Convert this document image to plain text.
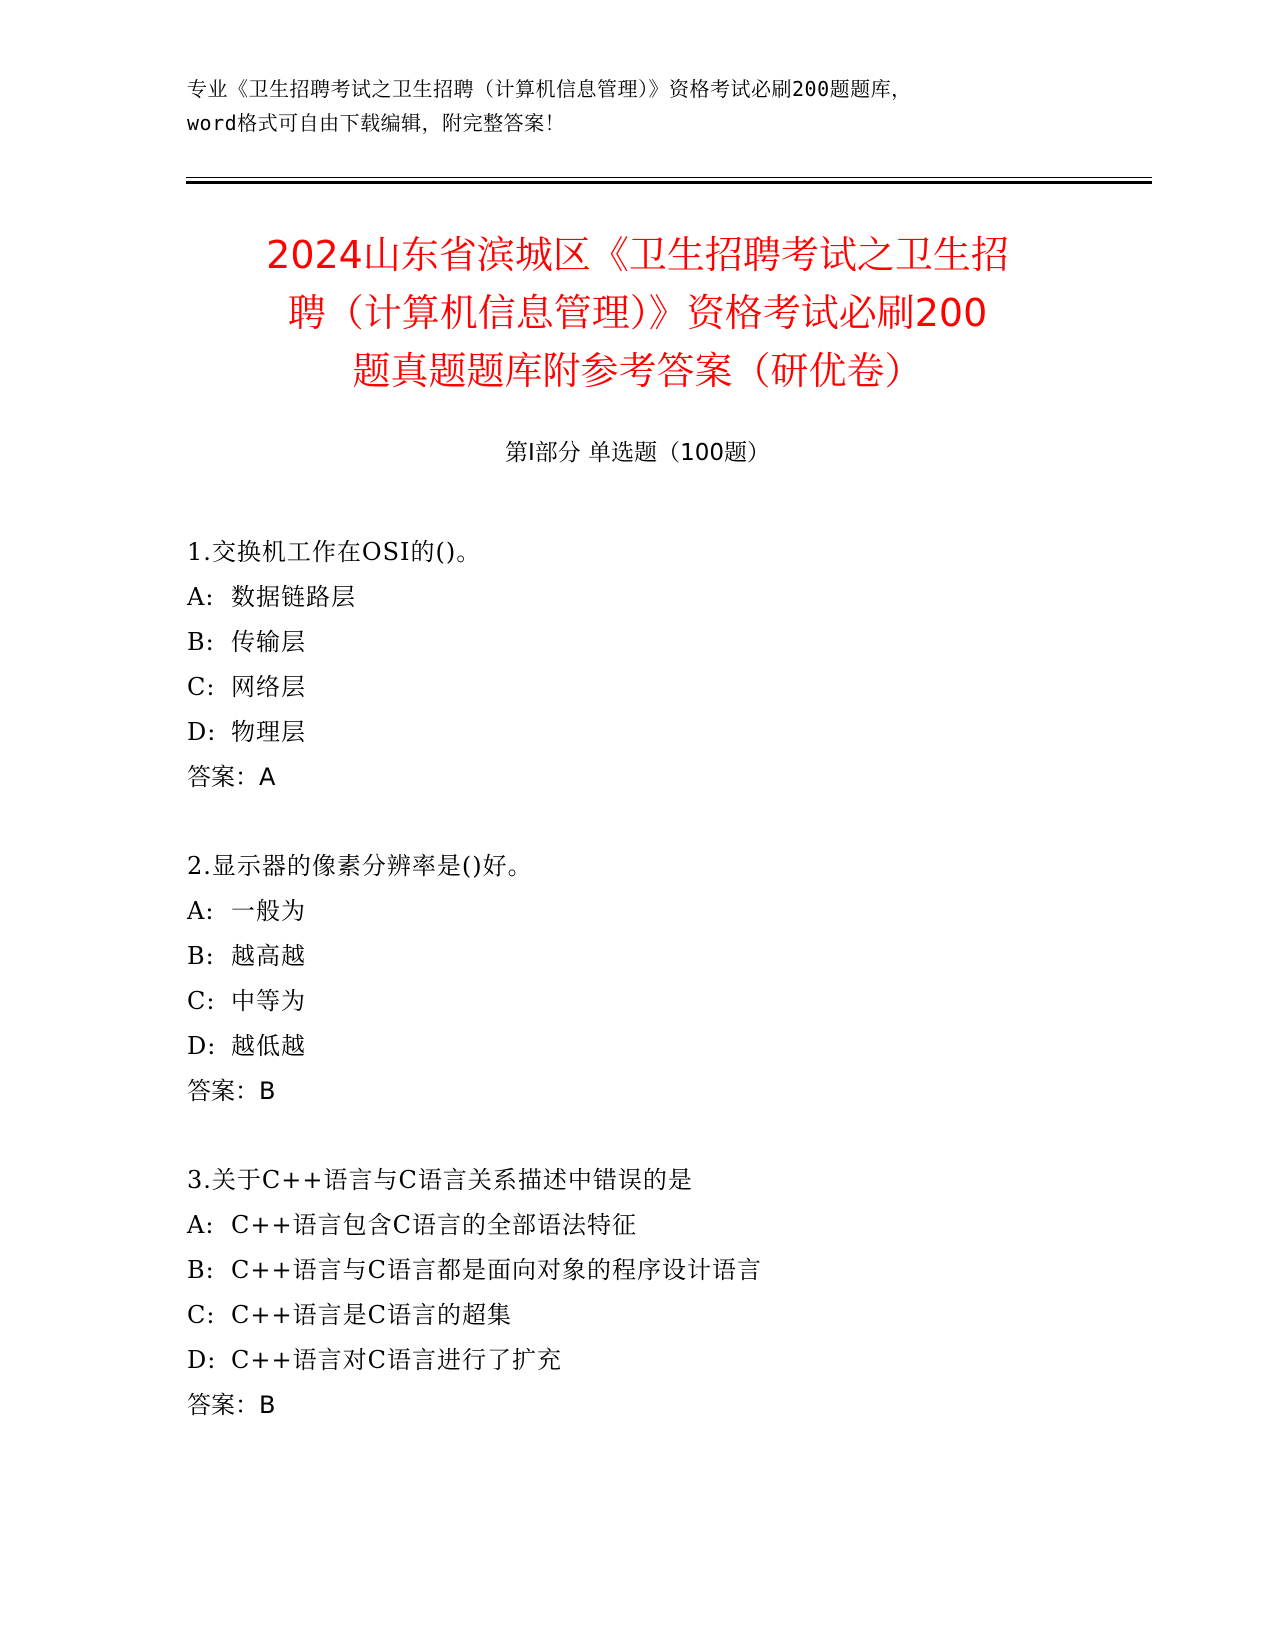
专业《卫生招聘考试之卫生招聘（计算机信息管理）》资格考试必刷200题题库，
word格式可自由下载编辑，附完整答案！
2024山东省滨城区《卫生招聘考试之卫生招
聘（计算机信息管理）》资格考试必刷200
题真题题库附参考答案（研优卷）
第I部分 单选题（100题）
1.交换机工作在OSI的()。
A: 数据链路层
B: 传输层
C: 网络层
D: 物理层
答案：A
2.显示器的像素分辨率是()好。
A: 一般为
B: 越高越
C: 中等为
D: 越低越
答案：B
3.关于C++语言与C语言关系描述中错误的是
A: C++语言包含C语言的全部语法特征
B: C++语言与C语言都是面向对象的程序设计语言
C: C++语言是C语言的超集
D: C++语言对C语言进行了扩充
答案：B
